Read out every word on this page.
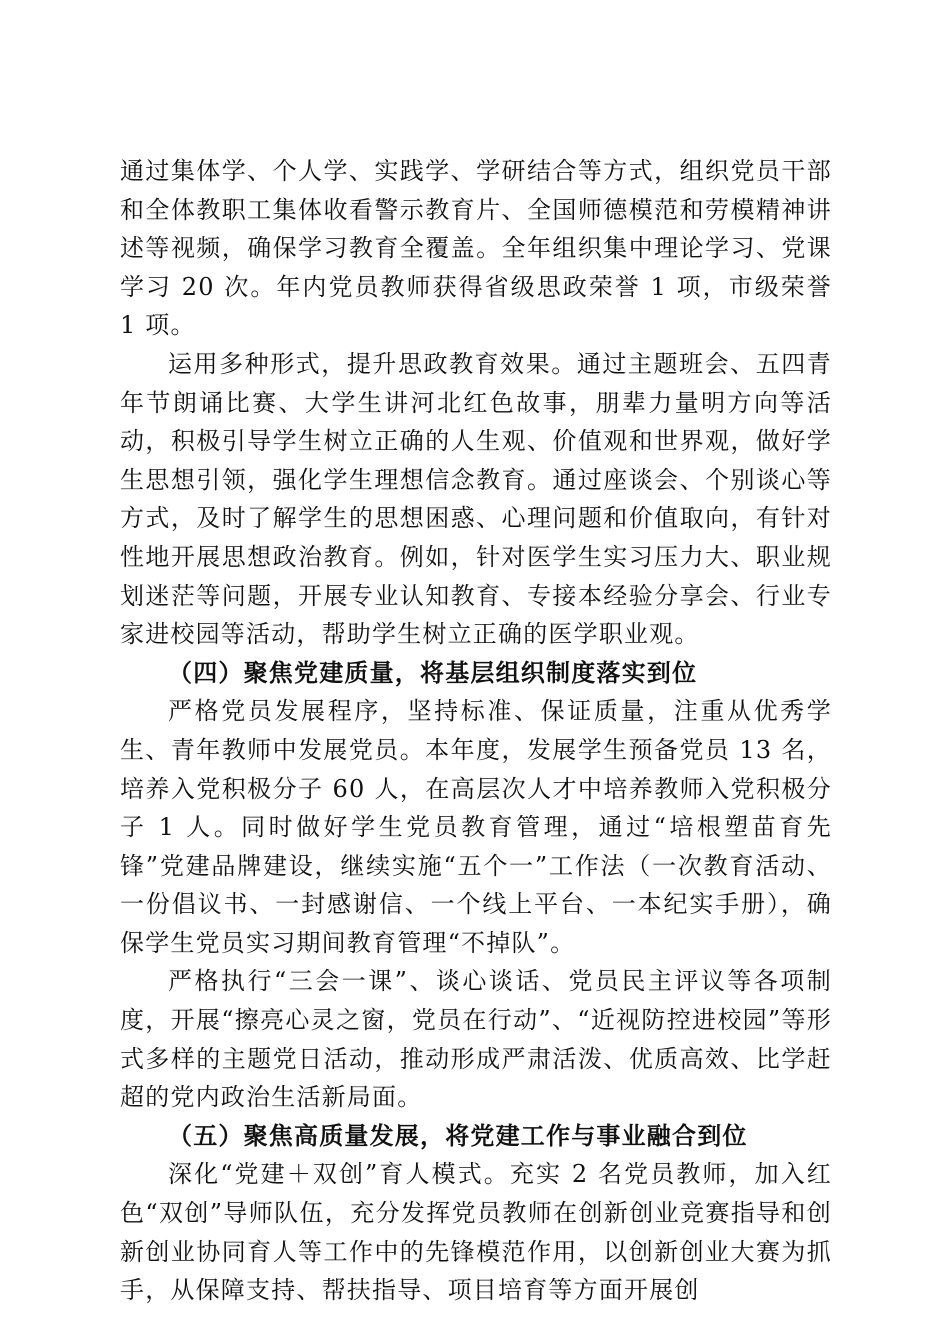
通过集体学、个人学、实践学、学研结合等方式，组织党员干部和全体教职工集体收看警示教育片、全国师德模范和劳模精神讲述等视频，确保学习教育全覆盖。全年组织集中理论学习、党课学习 20 次。年内党员教师获得省级思政荣誉 1 项，市级荣誉 1 项。

运用多种形式，提升思政教育效果。通过主题班会、五四青年节朗诵比赛、大学生讲河北红色故事，朋辈力量明方向等活动，积极引导学生树立正确的人生观、价值观和世界观，做好学生思想引领，强化学生理想信念教育。通过座谈会、个别谈心等方式，及时了解学生的思想困惑、心理问题和价值取向，有针对性地开展思想政治教育。例如，针对医学生实习压力大、职业规划迷茫等问题，开展专业认知教育、专接本经验分享会、行业专家进校园等活动，帮助学生树立正确的医学职业观。

（四）聚焦党建质量，将基层组织制度落实到位

严格党员发展程序，坚持标准、保证质量，注重从优秀学生、青年教师中发展党员。本年度，发展学生预备党员 13 名，培养入党积极分子 60 人，在高层次人才中培养教师入党积极分子 1 人。同时做好学生党员教育管理，通过“培根塑苗育先锋”党建品牌建设，继续实施“五个一”工作法（一次教育活动、一份倡议书、一封感谢信、一个线上平台、一本纪实手册），确保学生党员实习期间教育管理“不掉队”。

严格执行“三会一课”、谈心谈话、党员民主评议等各项制度，开展“擦亮心灵之窗，党员在行动”、“近视防控进校园”等形式多样的主题党日活动，推动形成严肃活泼、优质高效、比学赶超的党内政治生活新局面。

（五）聚焦高质量发展，将党建工作与事业融合到位

深化“党建＋双创”育人模式。充实 2 名党员教师，加入红色“双创”导师队伍，充分发挥党员教师在创新创业竞赛指导和创新创业协同育人等工作中的先锋模范作用，以创新创业大赛为抓手，从保障支持、帮扶指导、项目培育等方面开展创
